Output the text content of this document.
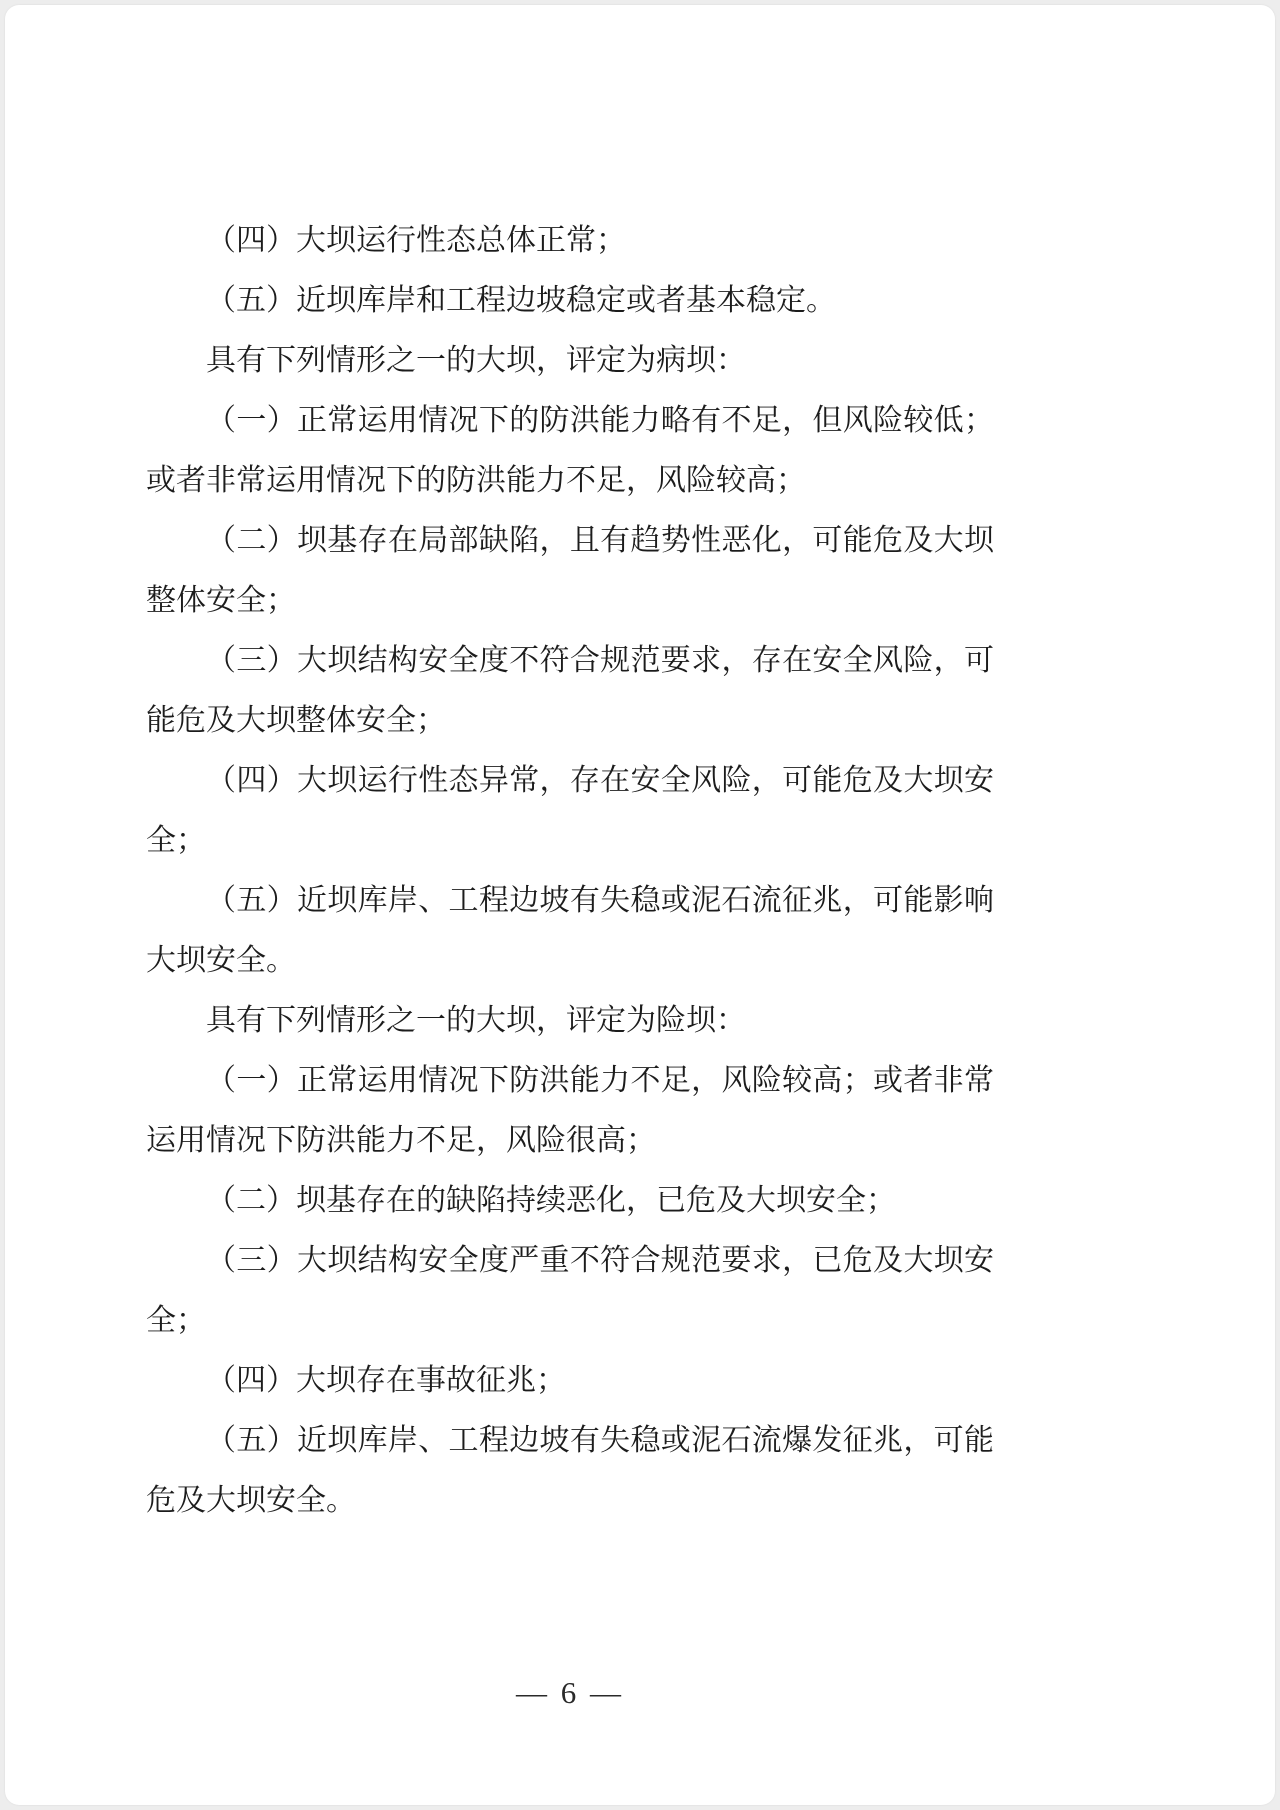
（四）大坝运行性态总体正常；

（五）近坝库岸和工程边坡稳定或者基本稳定。

具有下列情形之一的大坝，评定为病坝：

（一）正常运用情况下的防洪能力略有不足，但风险较低；或者非常运用情况下的防洪能力不足，风险较高；

（二）坝基存在局部缺陷，且有趋势性恶化，可能危及大坝整体安全；

（三）大坝结构安全度不符合规范要求，存在安全风险，可能危及大坝整体安全；

（四）大坝运行性态异常，存在安全风险，可能危及大坝安全；

（五）近坝库岸、工程边坡有失稳或泥石流征兆，可能影响大坝安全。

具有下列情形之一的大坝，评定为险坝：

（一）正常运用情况下防洪能力不足，风险较高；或者非常运用情况下防洪能力不足，风险很高；

（二）坝基存在的缺陷持续恶化，已危及大坝安全；

（三）大坝结构安全度严重不符合规范要求，已危及大坝安全；

（四）大坝存在事故征兆；

（五）近坝库岸、工程边坡有失稳或泥石流爆发征兆，可能危及大坝安全。

— 6 —
